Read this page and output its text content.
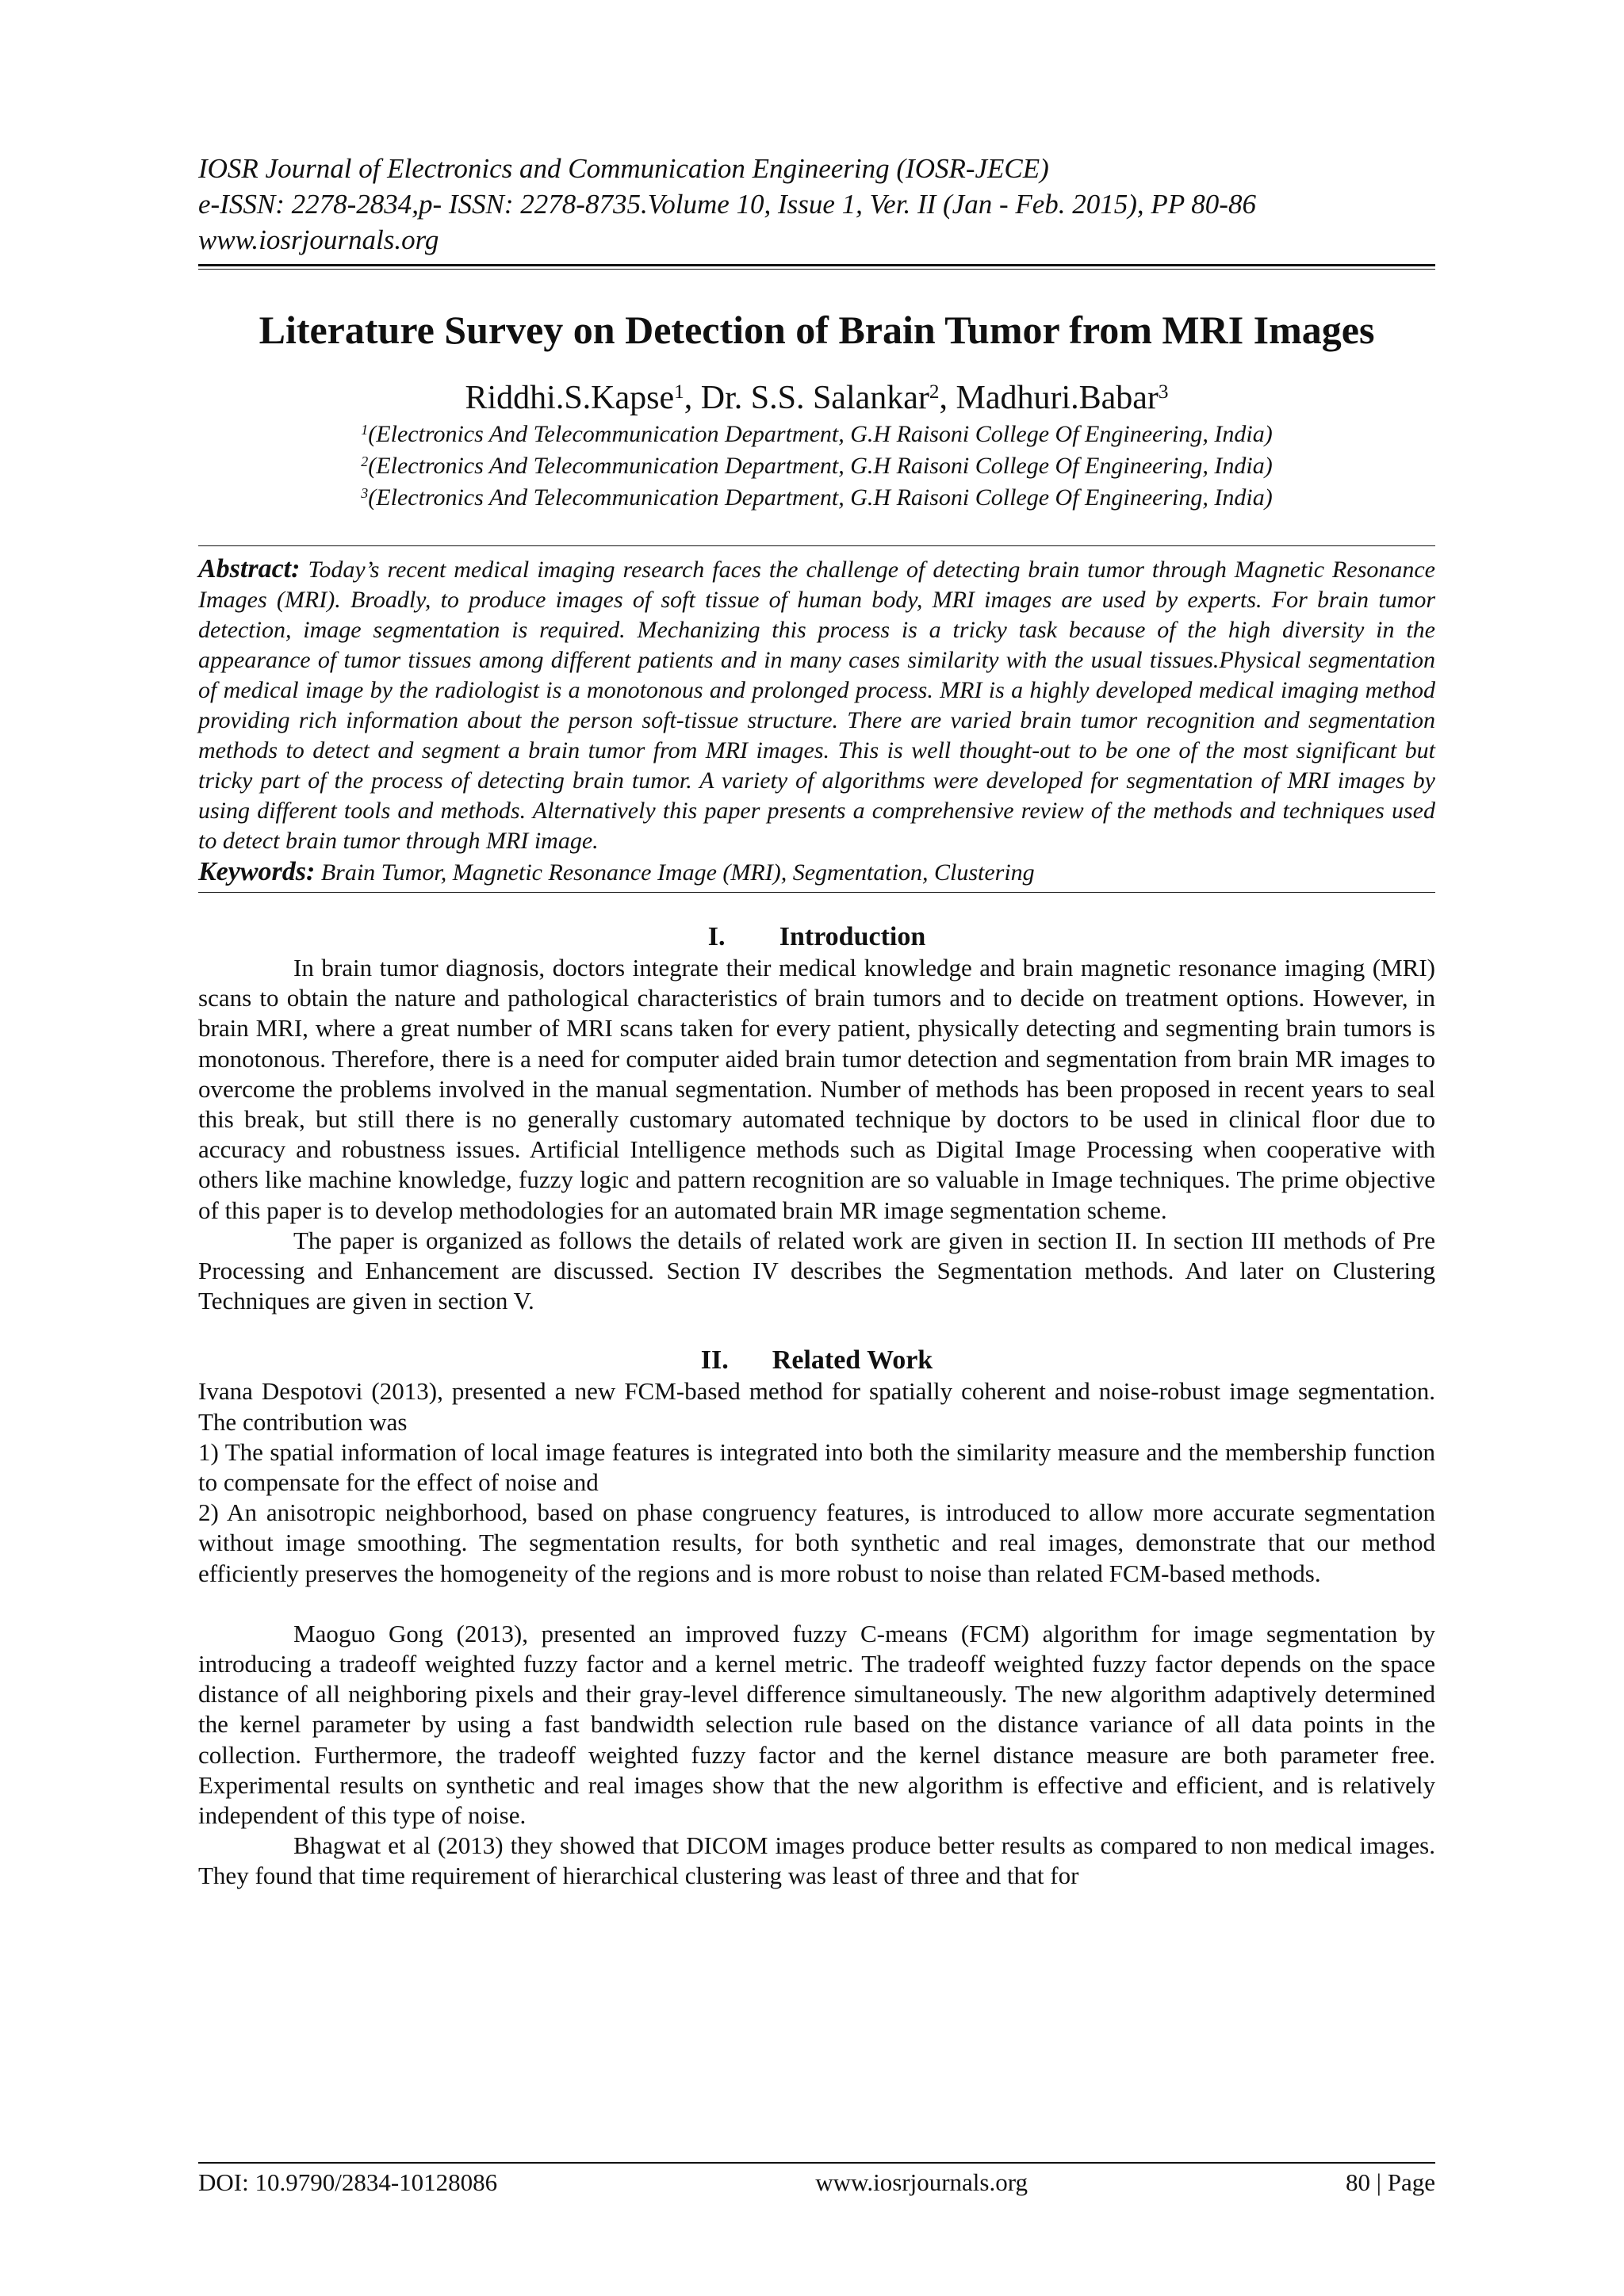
IOSR Journal of Electronics and Communication Engineering (IOSR-JECE)
e-ISSN: 2278-2834,p- ISSN: 2278-8735.Volume 10, Issue 1, Ver. II (Jan - Feb. 2015), PP 80-86
www.iosrjournals.org
Literature Survey on Detection of Brain Tumor from MRI Images
Riddhi.S.Kapse$^1$, Dr. S.S. Salankar$^2$, Madhuri.Babar$^3$
$^1$(Electronics And Telecommunication Department, G.H Raisoni College Of Engineering, India)
$^2$(Electronics And Telecommunication Department, G.H Raisoni College Of Engineering, India)
$^3$(Electronics And Telecommunication Department, G.H Raisoni College Of Engineering, India)
Abstract: Today’s recent medical imaging research faces the challenge of detecting brain tumor through Magnetic Resonance Images (MRI). Broadly, to produce images of soft tissue of human body, MRI images are used by experts. For brain tumor detection, image segmentation is required. Mechanizing this process is a tricky task because of the high diversity in the appearance of tumor tissues among different patients and in many cases similarity with the usual tissues.Physical segmentation of medical image by the radiologist is a monotonous and prolonged process. MRI is a highly developed medical imaging method providing rich information about the person soft-tissue structure. There are varied brain tumor recognition and segmentation methods to detect and segment a brain tumor from MRI images. This is well thought-out to be one of the most significant but tricky part of the process of detecting brain tumor. A variety of algorithms were developed for segmentation of MRI images by using different tools and methods. Alternatively this paper presents a comprehensive review of the methods and techniques used to detect brain tumor through MRI image.
Keywords: Brain Tumor, Magnetic Resonance Image (MRI), Segmentation, Clustering
I. Introduction

In brain tumor diagnosis, doctors integrate their medical knowledge and brain magnetic resonance imaging (MRI) scans to obtain the nature and pathological characteristics of brain tumors and to decide on treatment options. However, in brain MRI, where a great number of MRI scans taken for every patient, physically detecting and segmenting brain tumors is monotonous. Therefore, there is a need for computer aided brain tumor detection and segmentation from brain MR images to overcome the problems involved in the manual segmentation. Number of methods has been proposed in recent years to seal this break, but still there is no generally customary automated technique by doctors to be used in clinical floor due to accuracy and robustness issues. Artificial Intelligence methods such as Digital Image Processing when cooperative with others like machine knowledge, fuzzy logic and pattern recognition are so valuable in Image techniques. The prime objective of this paper is to develop methodologies for an automated brain MR image segmentation scheme.

The paper is organized as follows the details of related work are given in section II. In section III methods of Pre Processing and Enhancement are discussed. Section IV describes the Segmentation methods. And later on Clustering Techniques are given in section V.

II. Related Work

Ivana Despotovi (2013), presented a new FCM-based method for spatially coherent and noise-robust image segmentation. The contribution was

1) The spatial information of local image features is integrated into both the similarity measure and the membership function to compensate for the effect of noise and

2) An anisotropic neighborhood, based on phase congruency features, is introduced to allow more accurate segmentation without image smoothing. The segmentation results, for both synthetic and real images, demonstrate that our method efficiently preserves the homogeneity of the regions and is more robust to noise than related FCM-based methods.

Maoguo Gong (2013), presented an improved fuzzy C-means (FCM) algorithm for image segmentation by introducing a tradeoff weighted fuzzy factor and a kernel metric. The tradeoff weighted fuzzy factor depends on the space distance of all neighboring pixels and their gray-level difference simultaneously. The new algorithm adaptively determined the kernel parameter by using a fast bandwidth selection rule based on the distance variance of all data points in the collection. Furthermore, the tradeoff weighted fuzzy factor and the kernel distance measure are both parameter free. Experimental results on synthetic and real images show that the new algorithm is effective and efficient, and is relatively independent of this type of noise.

Bhagwat et al (2013) they showed that DICOM images produce better results as compared to non medical images. They found that time requirement of hierarchical clustering was least of three and that for

DOI: 10.9790/2834-10128086	www.iosrjournals.org	80 | Page
